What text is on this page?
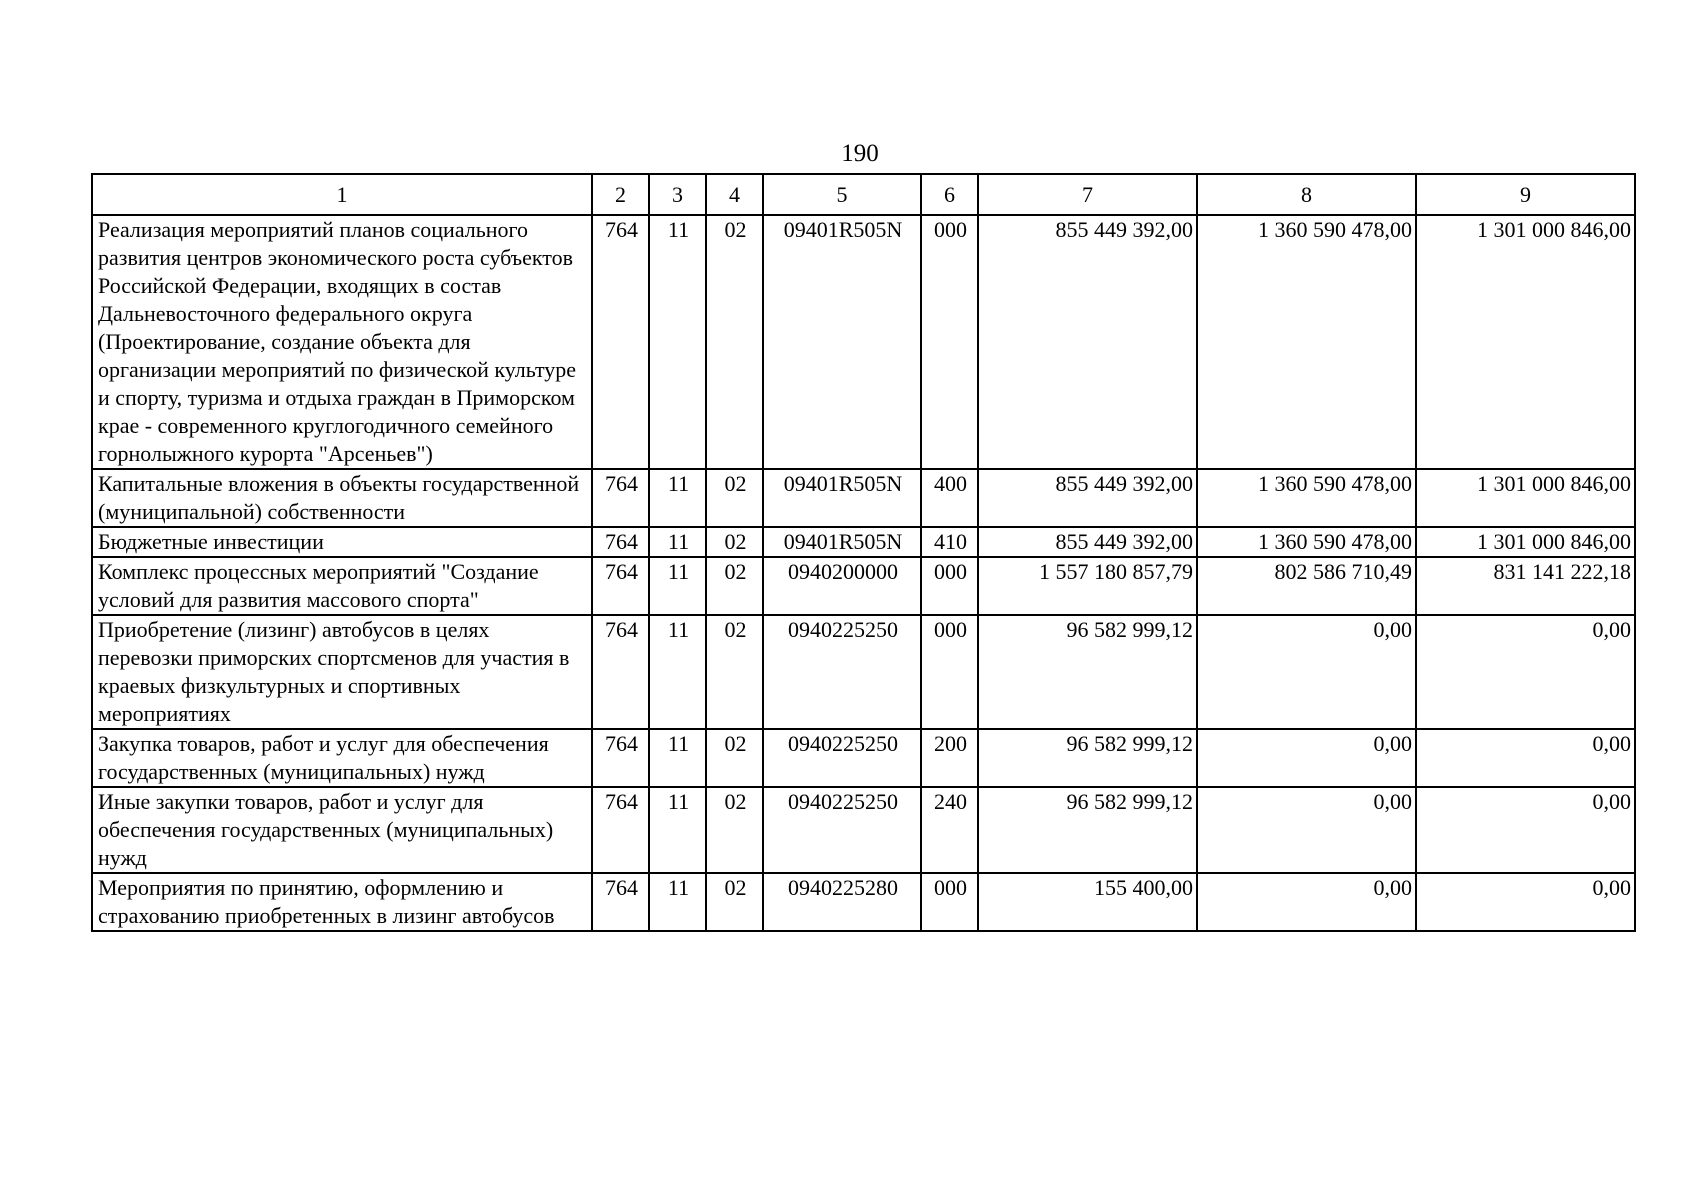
190
1	2	3	4	5	6	7	8	9
Реализация мероприятий планов социального развития центров экономического роста субъектов Российской Федерации, входящих в состав Дальневосточного федерального округа (Проектирование, создание объекта для организации мероприятий по физической культуре и спорту, туризма и отдыха граждан в Приморском крае - современного круглогодичного семейного горнолыжного курорта "Арсеньев")	764	11	02	09401R505N	000	855 449 392,00	1 360 590 478,00	1 301 000 846,00
Капитальные вложения в объекты государственной (муниципальной) собственности	764	11	02	09401R505N	400	855 449 392,00	1 360 590 478,00	1 301 000 846,00
Бюджетные инвестиции	764	11	02	09401R505N	410	855 449 392,00	1 360 590 478,00	1 301 000 846,00
Комплекс процессных мероприятий "Создание условий для развития массового спорта"	764	11	02	0940200000	000	1 557 180 857,79	802 586 710,49	831 141 222,18
Приобретение (лизинг) автобусов в целях перевозки приморских спортсменов для участия в краевых физкультурных и спортивных мероприятиях	764	11	02	0940225250	000	96 582 999,12	0,00	0,00
Закупка товаров, работ и услуг для обеспечения государственных (муниципальных) нужд	764	11	02	0940225250	200	96 582 999,12	0,00	0,00
Иные закупки товаров, работ и услуг для обеспечения государственных (муниципальных) нужд	764	11	02	0940225250	240	96 582 999,12	0,00	0,00
Мероприятия по принятию, оформлению и страхованию приобретенных в лизинг автобусов	764	11	02	0940225280	000	155 400,00	0,00	0,00
